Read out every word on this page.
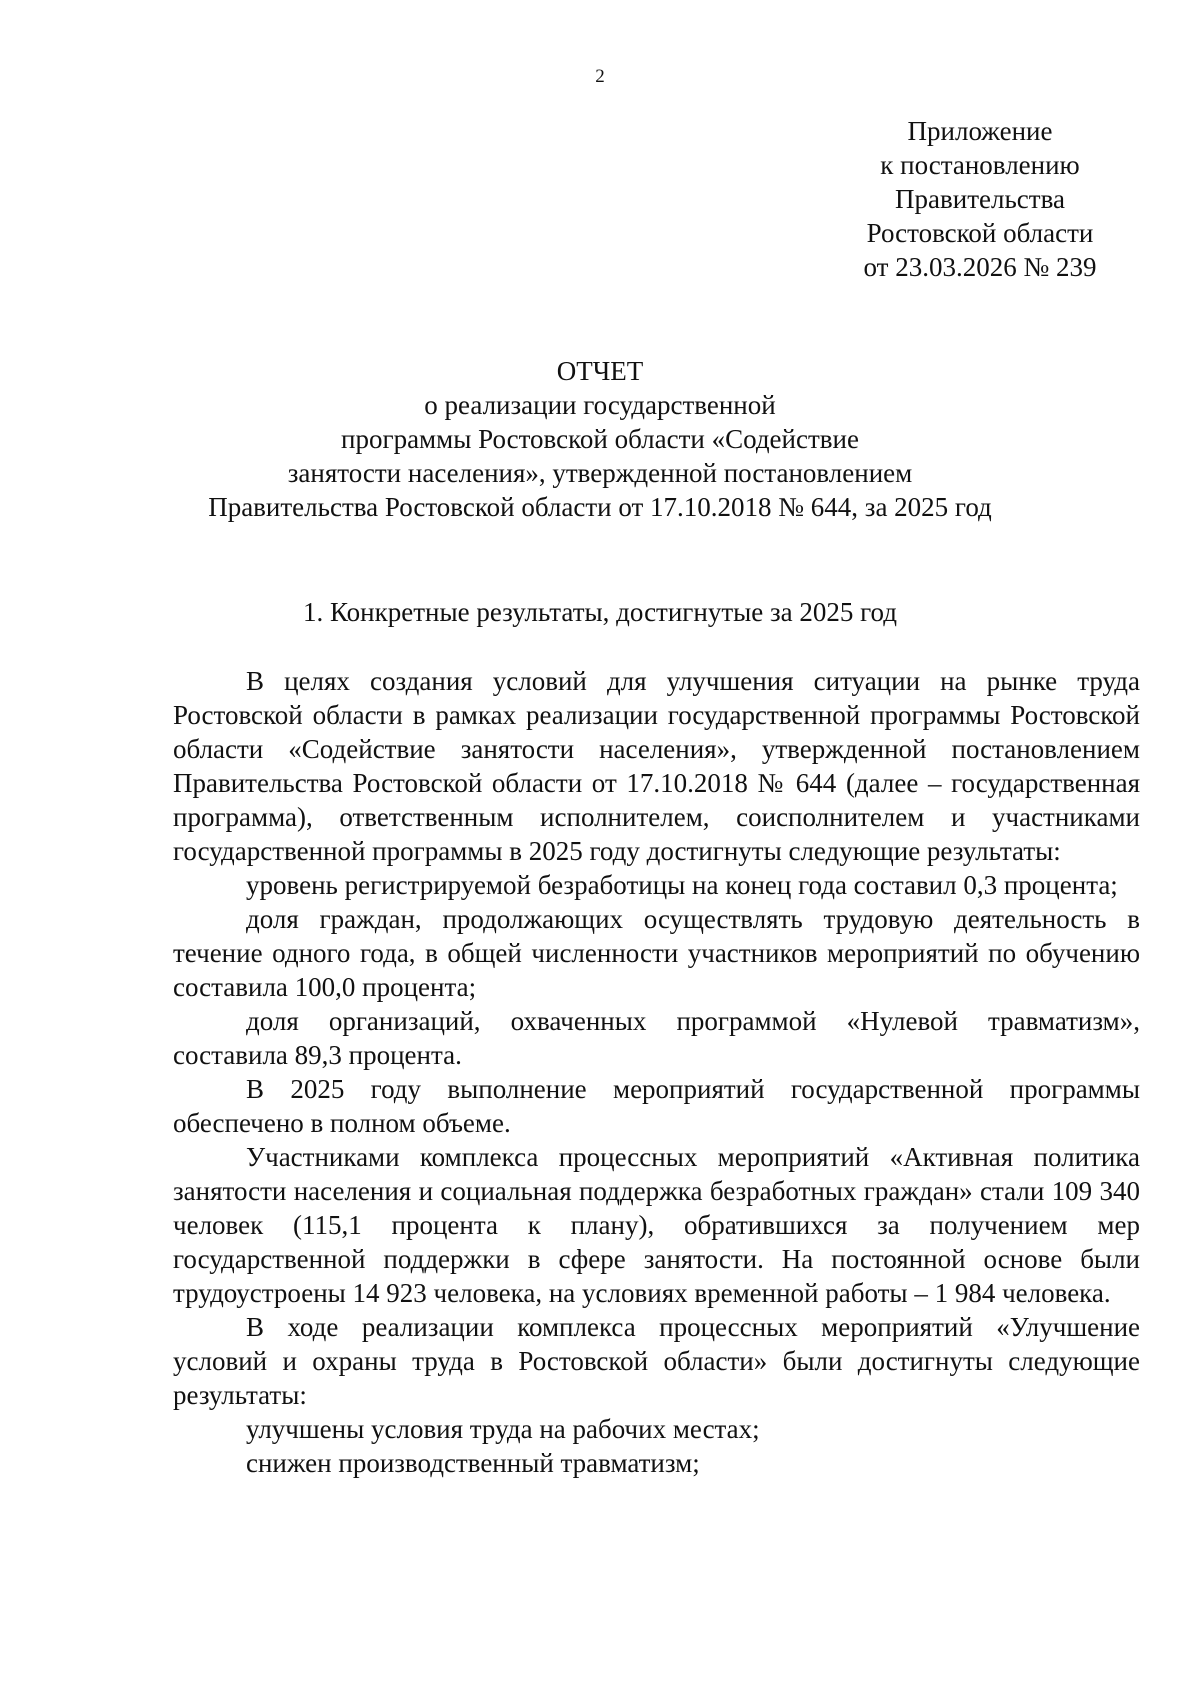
2
Приложение
к постановлению
Правительства
Ростовской области
от 23.03.2026 № 239
ОТЧЕТ
о реализации государственной
программы Ростовской области «Содействие
занятости населения», утвержденной постановлением
Правительства Ростовской области от 17.10.2018 № 644, за 2025 год
1. Конкретные результаты, достигнутые за 2025 год

В целях создания условий для улучшения ситуации на рынке труда Ростовской области в рамках реализации государственной программы Ростовской области «Содействие занятости населения», утвержденной постановлением Правительства Ростовской области от 17.10.2018 № 644 (далее – государственная программа), ответственным исполнителем, соисполнителем и участниками государственной программы в 2025 году достигнуты следующие результаты:

уровень регистрируемой безработицы на конец года составил 0,3 процента;

доля граждан, продолжающих осуществлять трудовую деятельность в течение одного года, в общей численности участников мероприятий по обучению составила 100,0 процента;

доля организаций, охваченных программой «Нулевой травматизм», составила 89,3 процента.

В 2025 году выполнение мероприятий государственной программы обеспечено в полном объеме.

Участниками комплекса процессных мероприятий «Активная политика занятости населения и социальная поддержка безработных граждан» стали 109 340 человек (115,1 процента к плану), обратившихся за получением мер государственной поддержки в сфере занятости. На постоянной основе были трудоустроены 14 923 человека, на условиях временной работы – 1 984 человека.

В ходе реализации комплекса процессных мероприятий «Улучшение условий и охраны труда в Ростовской области» были достигнуты следующие результаты:

улучшены условия труда на рабочих местах;

снижен производственный травматизм;
